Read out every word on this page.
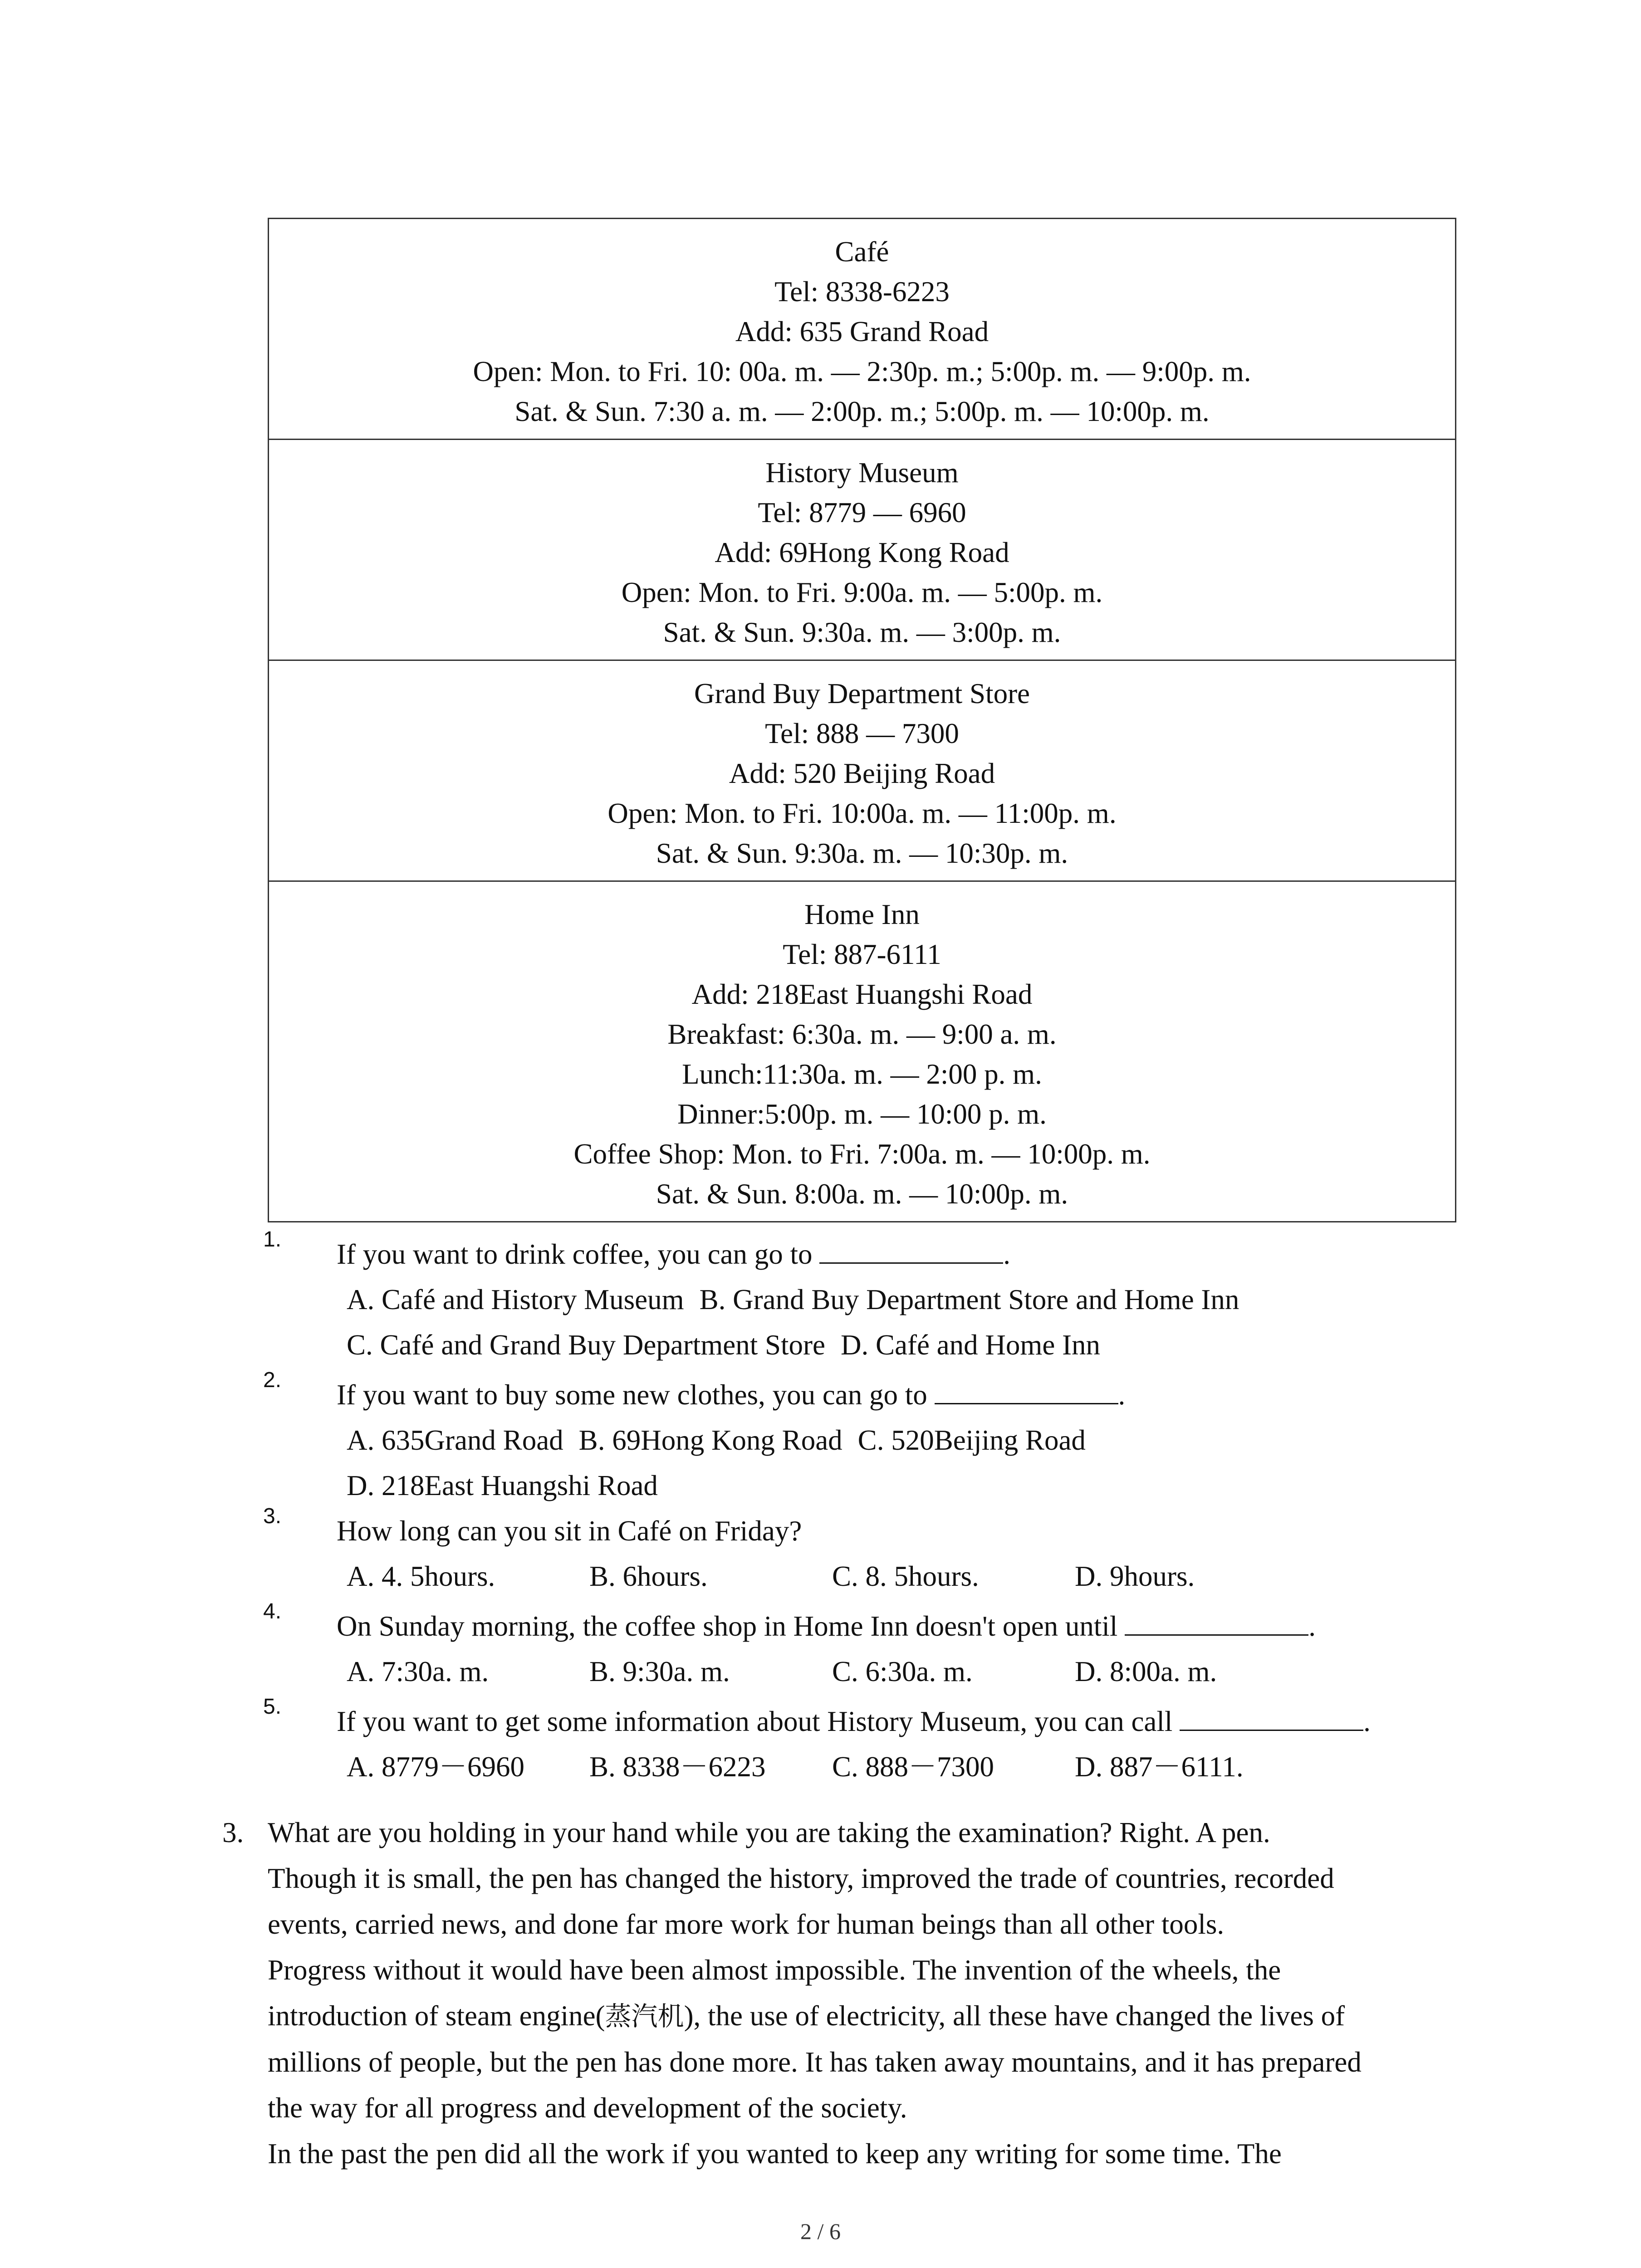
Café
Tel: 8338-6223
Add: 635 Grand Road
Open: Mon. to Fri. 10: 00a. m. — 2:30p. m.; 5:00p. m. — 9:00p. m.
Sat. & Sun. 7:30 a. m. — 2:00p. m.; 5:00p. m. — 10:00p. m.

History Museum
Tel: 8779 — 6960
Add: 69Hong Kong Road
Open: Mon. to Fri. 9:00a. m. — 5:00p. m.
Sat. & Sun. 9:30a. m. — 3:00p. m.

Grand Buy Department Store
Tel: 888 — 7300
Add: 520 Beijing Road
Open: Mon. to Fri. 10:00a. m. — 11:00p. m.
Sat. & Sun. 9:30a. m. — 10:30p. m.

Home Inn
Tel: 887-6111
Add: 218East Huangshi Road
Breakfast: 6:30a. m. — 9:00 a. m.
Lunch:11:30a. m. — 2:00 p. m.
Dinner:5:00p. m. — 10:00 p. m.
Coffee Shop: Mon. to Fri. 7:00a. m. — 10:00p. m.
Sat. & Sun. 8:00a. m. — 10:00p. m.
1.	If you want to drink coffee, you can go to	.
A. Café and History Museum B. Grand Buy Department Store and Home Inn
C. Café and Grand Buy Department Store D. Café and Home Inn
2.	If you want to buy some new clothes, you can go to	.
A. 635Grand Road B. 69Hong Kong Road C. 520Beijing Road
D. 218East Huangshi Road
3.	How long can you sit in Café on Friday?
A. 4. 5hours.	B. 6hours.	C. 8. 5hours.	D. 9hours.
4.	On Sunday morning, the coffee shop in Home Inn doesn't open until	.
A. 7:30a. m.	B. 9:30a. m.	C. 6:30a. m.	D. 8:00a. m.
5.	If you want to get some information about History Museum, you can call	.
A. 8779－6960 B. 8338－6223 C. 888－7300	D. 887－6111.
3. What are you holding in your hand while you are taking the examination? Right. A pen.
Though it is small, the pen has changed the history, improved the trade of countries, recorded
events, carried news, and done far more work for human beings than all other tools.
Progress without it would have been almost impossible. The invention of the wheels, the
introduction of steam engine(蒸汽机), the use of electricity, all these have changed the lives of
millions of people, but the pen has done more. It has taken away mountains, and it has prepared
the way for all progress and development of the society.
In the past the pen did all the work if you wanted to keep any writing for some time. The
2 / 6
